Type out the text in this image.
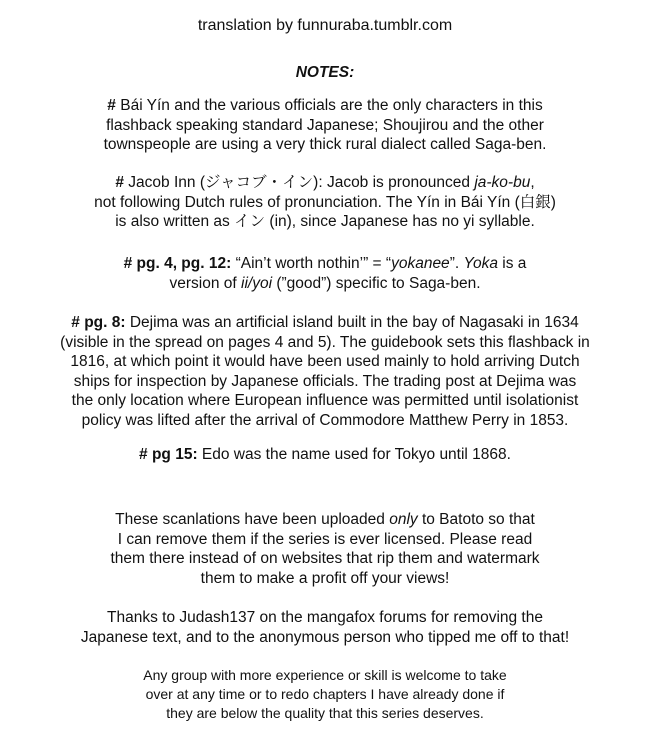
translation by funnuraba.tumblr.com
NOTES:
# Bái Yín and the various officials are the only characters in this
flashback speaking standard Japanese; Shoujirou and the other
townspeople are using a very thick rural dialect called Saga-ben.
# Jacob Inn (ジャコブ・イン): Jacob is pronounced ja-ko-bu,
not following Dutch rules of pronunciation. The Yín in Bái Yín (白銀)
is also written as イン (in), since Japanese has no yi syllable.
# pg. 4, pg. 12: “Ain’t worth nothin’” = “yokanee”. Yoka is a
version of ii/yoi (”good”) specific to Saga-ben.
# pg. 8: Dejima was an artificial island built in the bay of Nagasaki in 1634
(visible in the spread on pages 4 and 5). The guidebook sets this flashback in
1816, at which point it would have been used mainly to hold arriving Dutch
ships for inspection by Japanese officials. The trading post at Dejima was
the only location where European influence was permitted until isolationist
policy was lifted after the arrival of Commodore Matthew Perry in 1853.
# pg 15: Edo was the name used for Tokyo until 1868.
These scanlations have been uploaded only to Batoto so that
I can remove them if the series is ever licensed. Please read
them there instead of on websites that rip them and watermark
them to make a profit off your views!
Thanks to Judash137 on the mangafox forums for removing the
Japanese text, and to the anonymous person who tipped me off to that!
Any group with more experience or skill is welcome to take
over at any time or to redo chapters I have already done if
they are below the quality that this series deserves.
